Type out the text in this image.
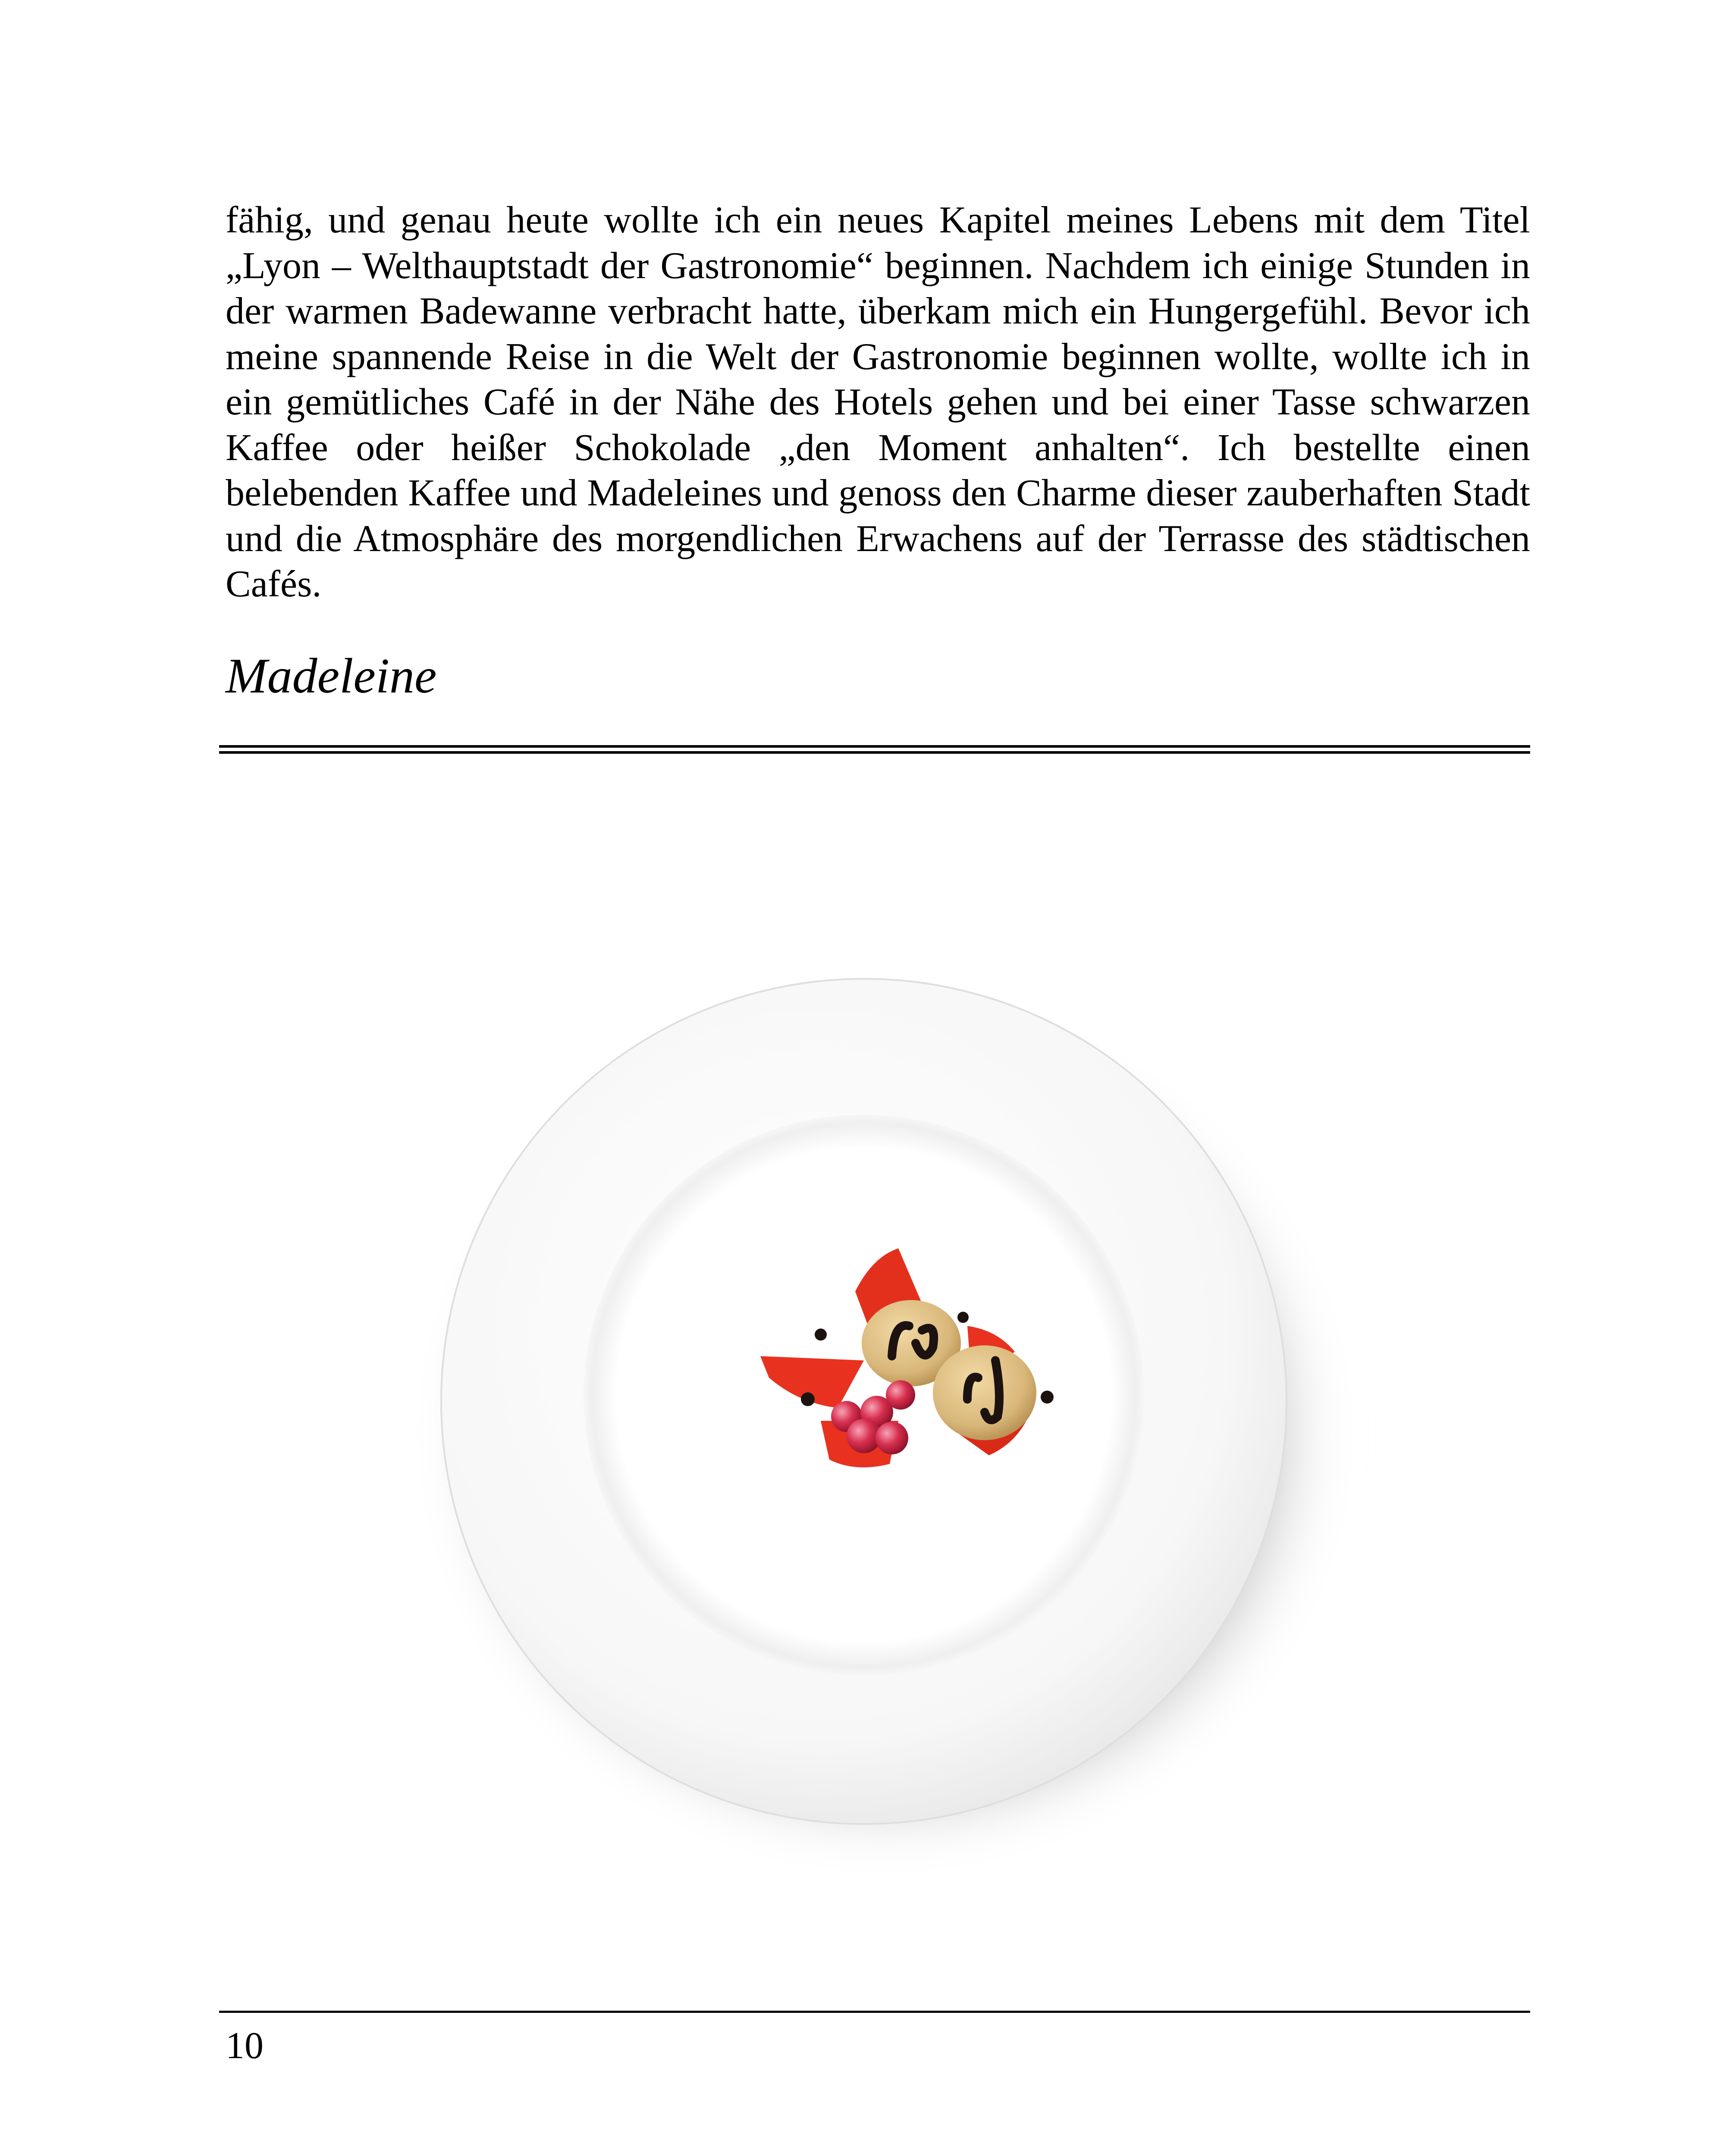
fähig, und genau heute wollte ich ein neues Kapitel meines Lebens mit dem Titel „Lyon – Welthauptstadt der Gastronomie“ beginnen. Nachdem ich einige Stunden in der warmen Badewanne verbracht hatte, überkam mich ein Hungergefühl. Bevor ich meine spannende Reise in die Welt der Gastronomie beginnen wollte, wollte ich in ein gemütliches Café in der Nähe des Hotels gehen und bei einer Tasse schwarzen Kaffee oder heißer Schokolade „den Moment anhalten“. Ich bestellte einen belebenden Kaffee und Madeleines und genoss den Charme dieser zauberhaften Stadt und die Atmosphäre des morgendlichen Erwachens auf der Terrasse des städtischen Cafés.

Madeleine

10
